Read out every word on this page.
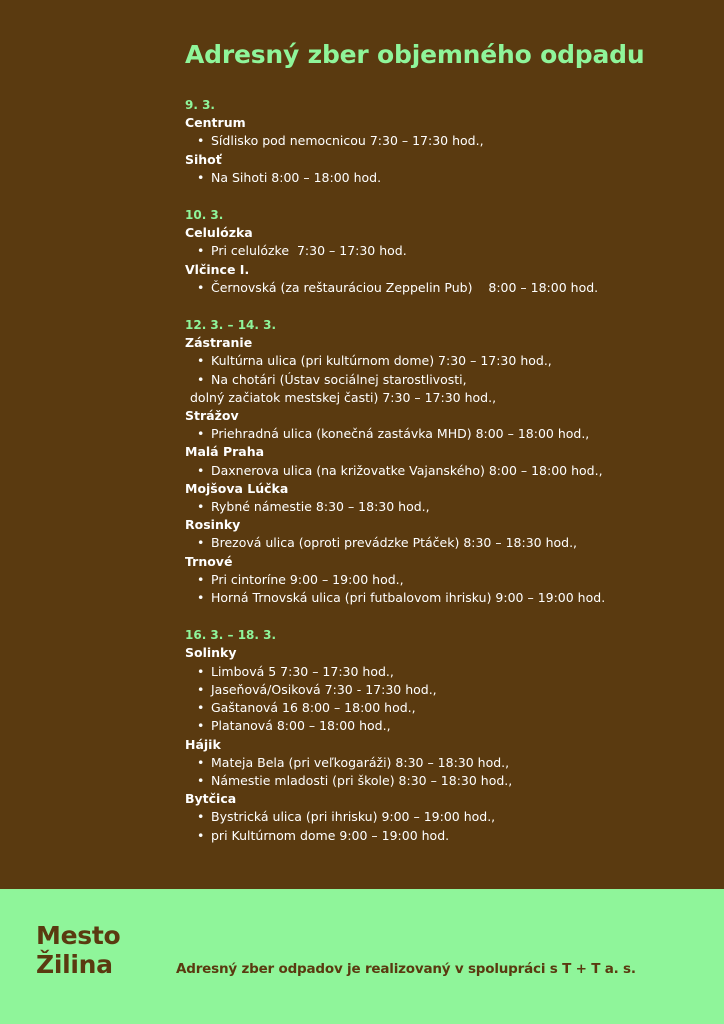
Adresný zber objemného odpadu
9. 3.
Centrum
• Sídlisko pod nemocnicou 7:30 – 17:30 hod.,
Sihoť
• Na Sihoti 8:00 – 18:00 hod.
10. 3.
Celulózka
• Pri celulózke  7:30 – 17:30 hod.
Vlčince I.
• Černovská (za reštauráciou Zeppelin Pub)    8:00 – 18:00 hod.
12. 3. – 14. 3.
Zástranie
• Kultúrna ulica (pri kultúrnom dome) 7:30 – 17:30 hod.,
• Na chotári (Ústav sociálnej starostlivosti,
dolný začiatok mestskej časti) 7:30 – 17:30 hod.,
Strážov
• Priehradná ulica (konečná zastávka MHD) 8:00 – 18:00 hod.,
Malá Praha
• Daxnerova ulica (na križovatke Vajanského) 8:00 – 18:00 hod.,
Mojšova Lúčka
• Rybné námestie 8:30 – 18:30 hod.,
Rosinky
• Brezová ulica (oproti prevádzke Ptáček) 8:30 – 18:30 hod.,
Trnové
• Pri cintoríne 9:00 – 19:00 hod.,
• Horná Trnovská ulica (pri futbalovom ihrisku) 9:00 – 19:00 hod.
16. 3. – 18. 3.
Solinky
• Limbová 5 7:30 – 17:30 hod.,
• Jaseňová/Osiková 7:30 - 17:30 hod.,
• Gaštanová 16 8:00 – 18:00 hod.,
• Platanová 8:00 – 18:00 hod.,
Hájik
• Mateja Bela (pri veľkogaráži) 8:30 – 18:30 hod.,
• Námestie mladosti (pri škole) 8:30 – 18:30 hod.,
Bytčica
• Bystrická ulica (pri ihrisku) 9:00 – 19:00 hod.,
• pri Kultúrnom dome 9:00 – 19:00 hod.
Mesto
Žilina	Adresný zber odpadov je realizovaný v spolupráci s T + T a. s.
